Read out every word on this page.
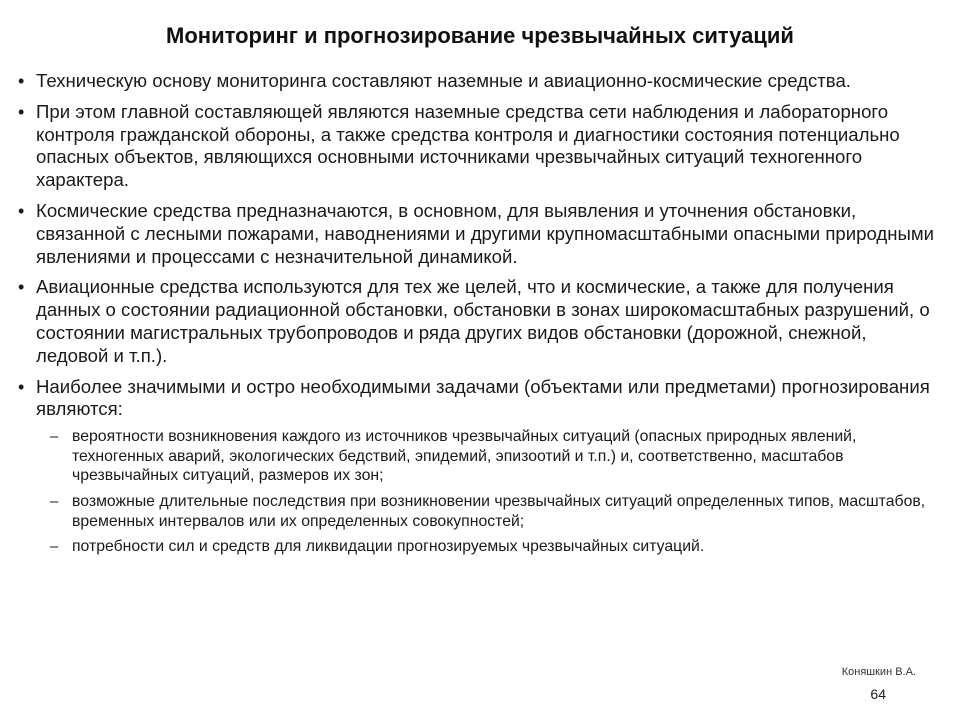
Мониторинг и прогнозирование чрезвычайных ситуаций
• Техническую основу мониторинга составляют наземные и авиационно-космические средства.
• При этом главной составляющей являются наземные средства сети наблюдения и лабораторного контроля гражданской обороны, а также средства контроля и диагностики состояния потенциально опасных объектов, являющихся основными источниками чрезвычайных ситуаций техногенного характера.
• Космические средства предназначаются, в основном, для выявления и уточнения обстановки, связанной с лесными пожарами, наводнениями и другими крупномасштабными опасными природными явлениями и процессами с незначительной динамикой.
• Авиационные средства используются для тех же целей, что и космические, а также для получения данных о состоянии радиационной обстановки, обстановки в зонах широкомасштабных разрушений, о состоянии магистральных трубопроводов и ряда других видов обстановки (дорожной, снежной, ледовой и т.п.).
• Наиболее значимыми и остро необходимыми задачами (объектами или предметами) прогнозирования являются:
– вероятности возникновения каждого из источников чрезвычайных ситуаций (опасных природных явлений, техногенных аварий, экологических бедствий, эпидемий, эпизоотий и т.п.) и, соответственно, масштабов чрезвычайных ситуаций, размеров их зон;
– возможные длительные последствия при возникновении чрезвычайных ситуаций определенных типов, масштабов, временных интервалов или их определенных совокупностей;
– потребности сил и средств для ликвидации прогнозируемых чрезвычайных ситуаций.
Коняшкин В.А.
64
